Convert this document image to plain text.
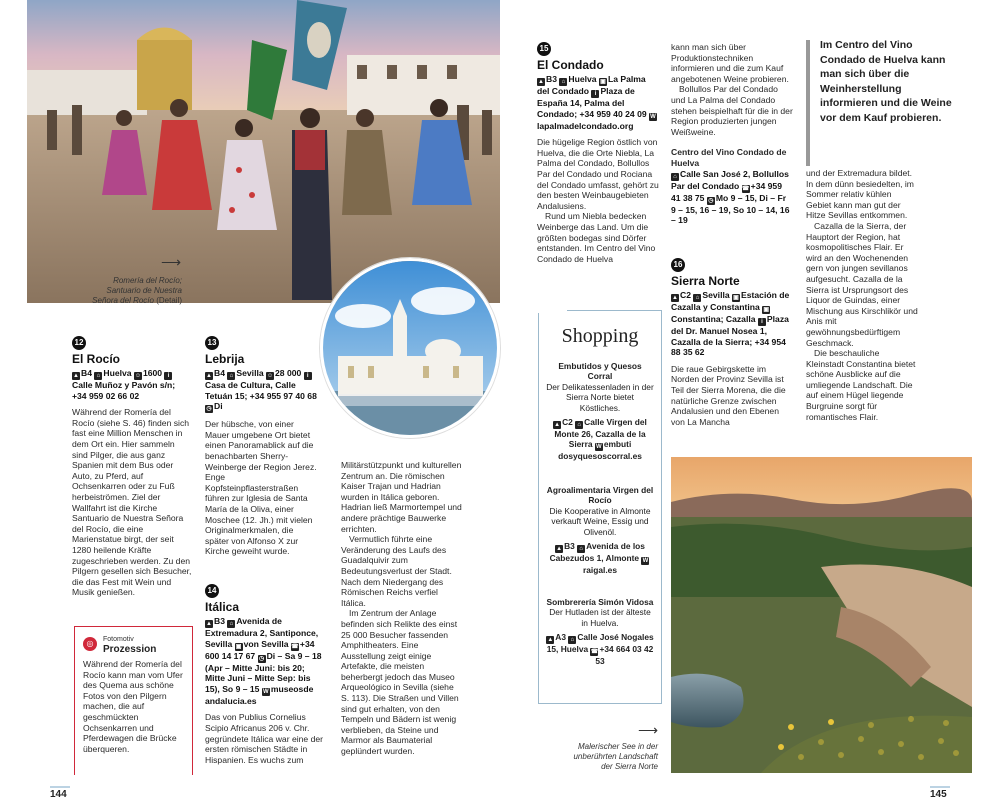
⟶
Romería del Rocío;
Santuario de Nuestra
Señora del Rocío (Detail)
12
El Rocío
▲ B4 ⌂ Huelva ☺ 1600 iCalle Muñoz y Pavón s/n; +34 959 02 66 02

Während der Romería del Rocío (siehe S. 46) finden sich fast eine Million Menschen in dem Ort ein. Hier sammeln sind Pilger, die aus ganz Spanien mit dem Bus oder Auto, zu Pferd, auf Ochsenkarren oder zu Fuß herbeiströmen. Ziel der Wallfahrt ist die Kirche Santuario de Nuestra Señora del Rocío, die eine Marienstatue birgt, der seit 1280 heilende Kräfte zugeschrieben werden. Zu den Pilgern gesellen sich Besucher, die das Fest mit Wein und Musik genießen.

◎	Fotomotiv
Prozession
Während der Romería del Rocío kann man vom Ufer des Quema aus schöne Fotos von den Pilgern machen, die auf geschmückten Ochsenkarren und Pferdewagen die Brücke überqueren.
13
Lebrija
▲ B4 ⌂ Sevilla ☺ 28 000 iCasa de Cultura, Calle Tetuán 15; +34 955 97 40 68 ◷ Di

Der hübsche, von einer Mauer umgebene Ort bietet einen Panoramablick auf die benachbarten Sherry-Weinberge der Region Jerez. Enge Kopfsteinpflasterstraßen führen zur Iglesia de Santa María de la Oliva, einer Moschee (12. Jh.) mit vielen Originalmerkmalen, die später von Alfonso X zur Kirche geweiht wurde.

14
Itálica
▲ B3 ⌂ Avenida de Extremadura 2, Santiponce, Sevilla ▣ von Sevilla ☎+34 600 14 17 67 ◷ Di – Sa 9 – 18 (Apr – Mitte Juni: bis 20; Mitte Juni – Mitte Sep: bis 15), So 9 – 15 W museosde andalucia.es

Das von Publius Cornelius Scipio Africanus 206 v. Chr. gegründete Itálica war eine der ersten römischen Städte in Hispanien. Es wuchs zum

Militärstützpunkt und kulturellen Zentrum an. Die römischen Kaiser Trajan und Hadrian wurden in Itálica geboren. Hadrian ließ Marmortempel und andere prächtige Bauwerke errichten.

Vermutlich führte eine Veränderung des Laufs des Guadalquivir zum Bedeutungsverlust der Stadt. Nach dem Niedergang des Römischen Reichs verfiel Itálica.

Im Zentrum der Anlage befinden sich Relikte des einst 25 000 Besucher fassenden Amphitheaters. Eine Ausstellung zeigt einige Artefakte, die meisten beherbergt jedoch das Museo Arqueológico in Sevilla (siehe S. 113). Die Straßen und Villen sind gut erhalten, von den Tempeln und Bädern ist wenig verblieben, da Steine und Marmor als Baumaterial geplündert wurden.

15
El Condado
▲ B3 ⌂ Huelva ▣ La Palma del Condado i Plaza de España 14, Palma del Condado; +34 959 40 24 09 Wlapalmadelcondado.org

Die hügelige Region östlich von Huelva, die die Orte Niebla, La Palma del Condado, Bollullos Par del Condado und Rociana del Condado umfasst, gehört zu den besten Weinbaugebieten Andalusiens.

Rund um Niebla bedecken Weinberge das Land. Um die größten bodegas sind Dörfer entstanden. Im Centro del Vino Condado de Huelva

kann man sich über Produktionstechniken informieren und die zum Kauf angebotenen Weine probieren.

Bollullos Par del Condado und La Palma del Condado stehen beispielhaft für die in der Region produzierten jungen Weißweine.

Centro del Vino Condado de Huelva
⌂ Calle San José 2, Bollullos Par del Condado ☎+34 959 41 38 75 ◷ Mo 9 – 15, Di – Fr 9 – 15, 16 – 19, So 10 – 14, 16 – 19
Im Centro del Vino Condado de Huelva kann man sich über die Weinherstellung informieren und die Weine vor dem Kauf probieren.
16
Sierra Norte
▲ C2 ⌂ Sevilla ▣ Estación de Cazalla y Constantina ▣Constantina; Cazalla i Plaza del Dr. Manuel Nosea 1, Cazalla de la Sierra; +34 954 88 35 62

Die raue Gebirgskette im Norden der Provinz Sevilla ist Teil der Sierra Morena, die die natürliche Grenze zwischen Andalusien und den Ebenen von La Mancha

und der Extremadura bildet. In dem dünn besiedelten, im Sommer relativ kühlen Gebiet kann man gut der Hitze Sevillas entkommen.

Cazalla de la Sierra, der Hauptort der Region, hat kosmopolitisches Flair. Er wird an den Wochenenden gern von jungen sevillanos aufgesucht. Cazalla de la Sierra ist Ursprungsort des Liquor de Guindas, einer Mischung aus Kirschlikör und Anis mit gewöhnungsbedürftigem Geschmack.

Die beschauliche Kleinstadt Constantina bietet schöne Ausblicke auf die umliegende Landschaft. Die auf einem Hügel liegende Burgruine sorgt für romantisches Flair.

Shopping
Embutidos y Quesos Corral
Der Delikatessenladen in der Sierra Norte bietet Köstliches.
▲ C2 ⌂ Calle Virgen del Monte 26, Cazalla de la Sierra W embuti dosyquesoscorral.es
Agroalimentaria Virgen del Rocío
Die Kooperative in Almonte verkauft Weine, Essig und Olivenöl.
▲ B3 ⌂ Avenida de los Cabezudos 1, Almonte Wraigal.es
Sombrerería Simón Vidosa
Der Hutladen ist der älteste in Huelva.
▲ A3 ⌂ Calle José Nogales 15, Huelva ☎+34 664 03 42 53
⟶
Malerischer See in der
unberührten Landschaft
der Sierra Norte
144	145
